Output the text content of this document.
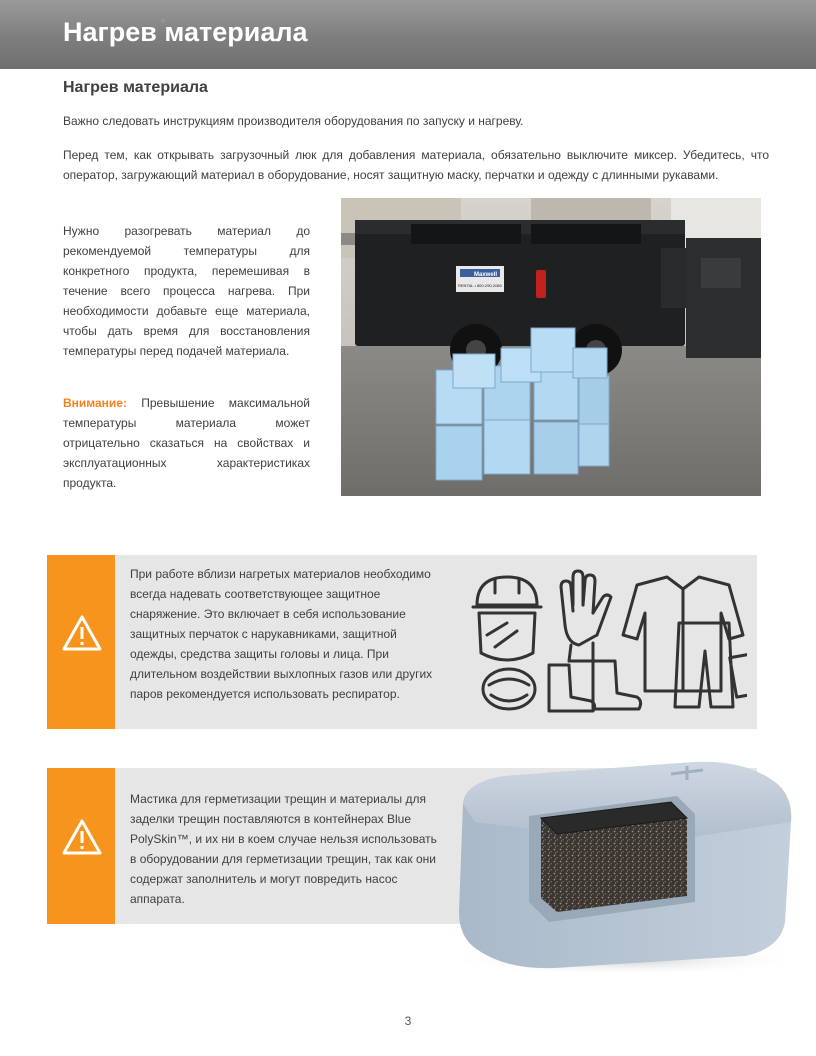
Нагрев материала
Нагрев материала
Важно следовать инструкциям производителя оборудования по запуску и нагреву.
Перед тем, как открывать загрузочный люк для добавления материала, обязательно выключите миксер. Убедитесь, что оператор, загружающий материал в оборудование, носят защитную маску, перчатки и одежду с длинными рукавами.
Нужно разогревать материал до рекомендуемой температуры для конкретного продукта, перемешивая в течение всего процесса нагрева. При необходимости добавьте еще материала, чтобы дать время для восстановления температуры перед подачей материала.
Внимание: Превышение максимальной температуры материала может отрицательно сказаться на свойствах и эксплуатационных характеристиках продукта.
Maxwell
RENTAL • 800-290-2080
При работе вблизи нагретых материалов необходимо всегда надевать соответствующее защитное снаряжение. Это включает в себя использование защитных перчаток с нарукавниками, защитной одежды, средства защиты головы и лица. При длительном воздействии выхлопных газов или других паров рекомендуется использовать респиратор.
Мастика для герметизации трещин и материалы для заделки трещин поставляются в контейнерах Blue PolySkin™, и их ни в коем случае нельзя использовать в оборудовании для герметизации трещин, так как они содержат заполнитель и могут повредить насос аппарата.
3
